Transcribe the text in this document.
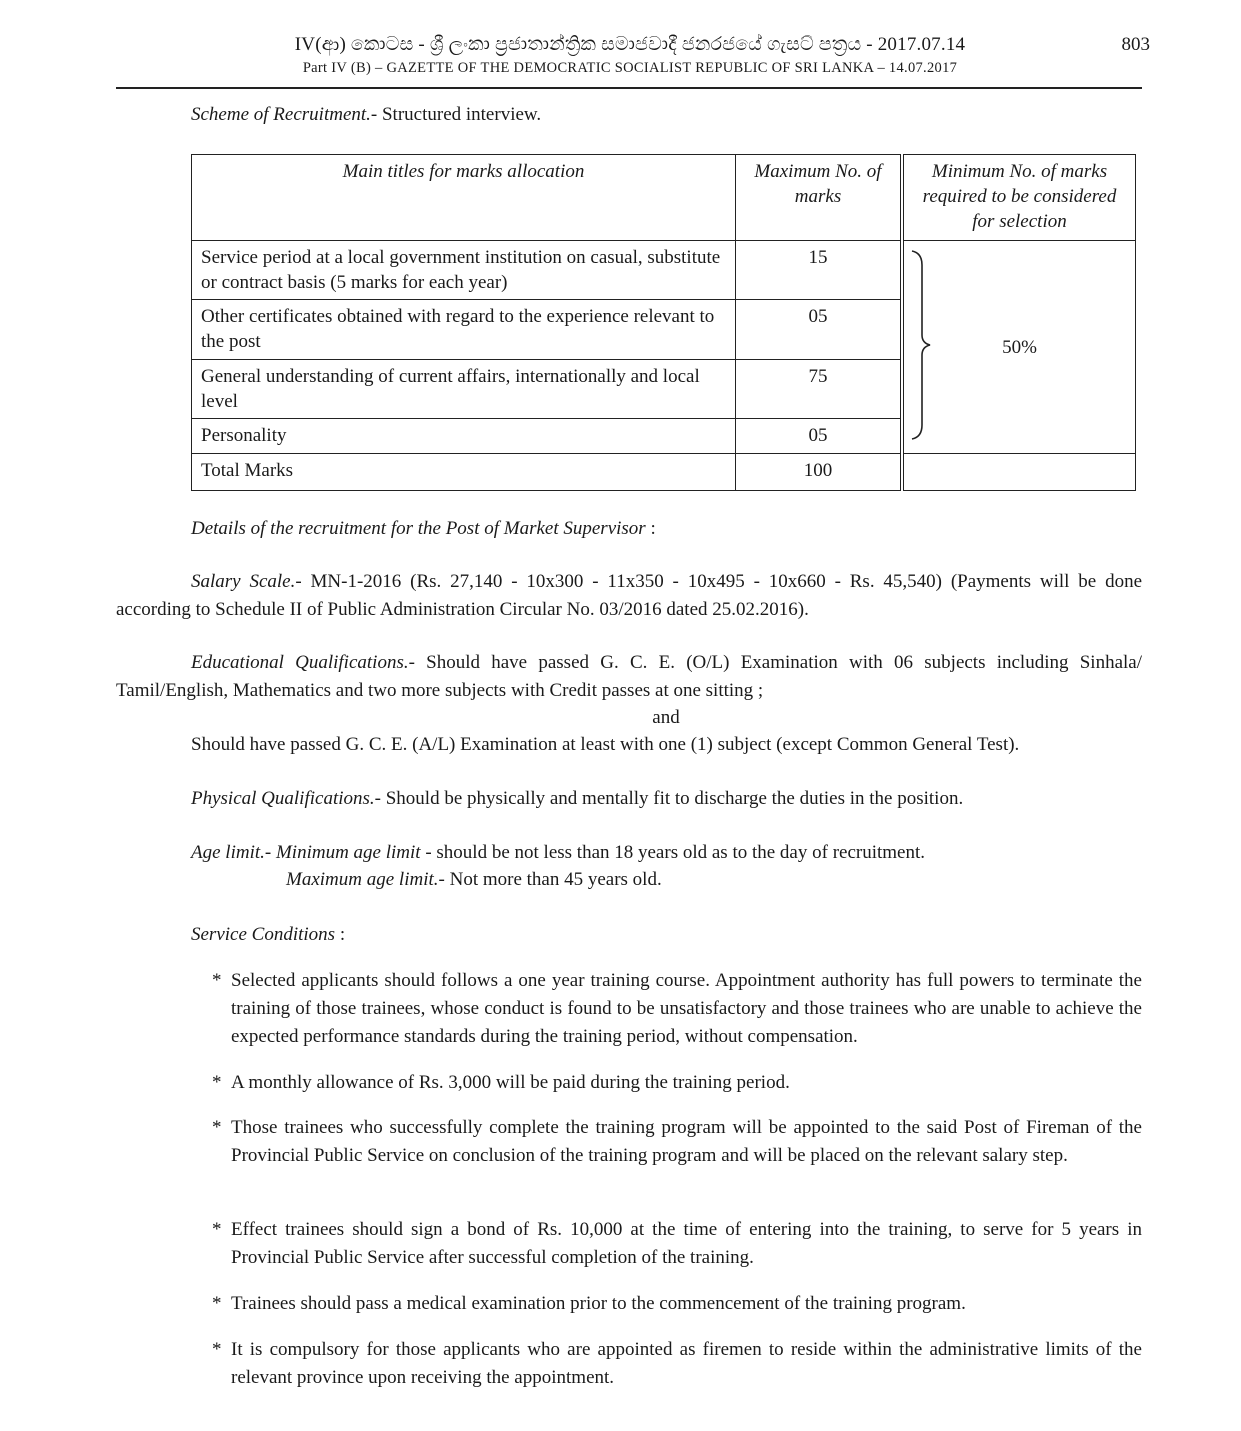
IV(ආ) කොටස - ශ්‍රී ලංකා ප්‍රජාතාන්ත්‍රික සමාජවාදී ජනරජයේ ගැසට් පත්‍රය - 2017.07.14
Part IV (B) – GAZETTE OF THE DEMOCRATIC SOCIALIST REPUBLIC OF SRI LANKA – 14.07.2017
803
Scheme of Recruitment.- Structured interview.
Main titles for marks allocation	Maximum No. of marks	Minimum No. of marks required to be considered for selection
Service period at a local government institution on casual, substitute or contract basis (5 marks for each year)	15	50%
Other certificates obtained with regard to the experience relevant to the post	05	
General understanding of current affairs, internationally and local level	75	
Personality	05	
Total Marks	100	
Details of the recruitment for the Post of Market Supervisor :
Salary Scale.- MN-1-2016 (Rs. 27,140 - 10x300 - 11x350 - 10x495 - 10x660 - Rs. 45,540) (Payments will be done according to Schedule II of Public Administration Circular No. 03/2016 dated 25.02.2016).
Educational Qualifications.- Should have passed G. C. E. (O/L) Examination with 06 subjects including Sinhala/ Tamil/English, Mathematics and two more subjects with Credit passes at one sitting ;
and
Should have passed G. C. E. (A/L) Examination at least with one (1) subject (except Common General Test).
Physical Qualifications.- Should be physically and mentally fit to discharge the duties in the position.
Age limit.- Minimum age limit - should be not less than 18 years old as to the day of recruitment.
Maximum age limit.- Not more than 45 years old.
Service Conditions :
* Selected applicants should follows a one year training course. Appointment authority has full powers to terminate the training of those trainees, whose conduct is found to be unsatisfactory and those trainees who are unable to achieve the expected performance standards during the training period, without compensation.
* A monthly allowance of Rs. 3,000 will be paid during the training period.
* Those trainees who successfully complete the training program will be appointed to the said Post of Fireman of the Provincial Public Service on conclusion of the training program and will be placed on the relevant salary step.
* Effect trainees should sign a bond of Rs. 10,000 at the time of entering into the training, to serve for 5 years in Provincial Public Service after successful completion of the training.
* Trainees should pass a medical examination prior to the commencement of the training program.
* It is compulsory for those applicants who are appointed as firemen to reside within the administrative limits of the relevant province upon receiving the appointment.
